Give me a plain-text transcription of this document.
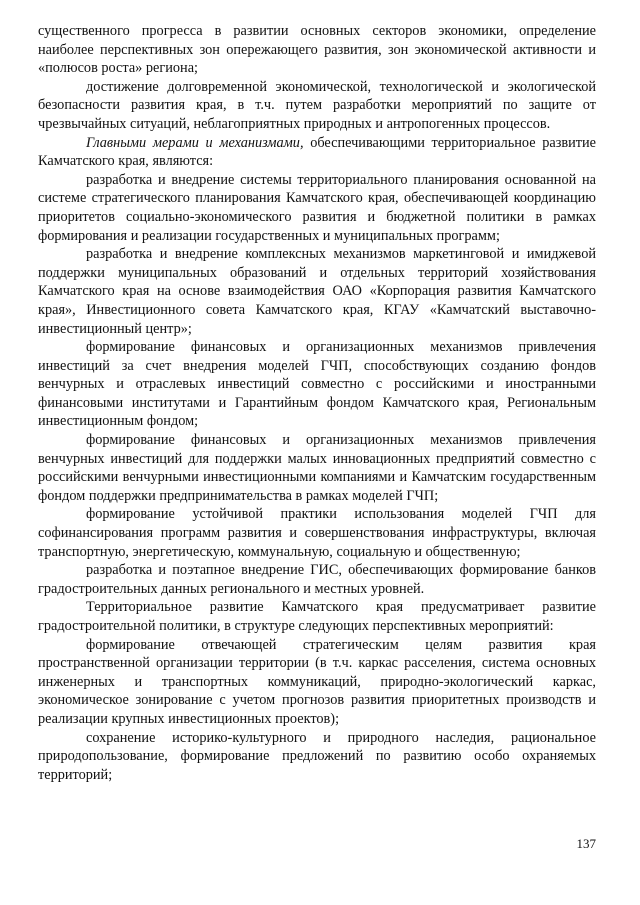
существенного прогресса в развитии основных секторов экономики, определение наиболее перспективных зон опережающего развития, зон экономической активности и «полюсов роста» региона;

достижение долговременной экономической, технологической и экологической безопасности развития края, в т.ч. путем разработки мероприятий по защите от чрезвычайных ситуаций, неблагоприятных природных и антропогенных процессов.

Главными мерами и механизмами, обеспечивающими территориальное развитие Камчатского края, являются:

разработка и внедрение системы территориального планирования основанной на системе стратегического планирования Камчатского края, обеспечивающей координацию приоритетов социально-экономического развития и бюджетной политики в рамках формирования и реализации государственных и муниципальных программ;

разработка и внедрение комплексных механизмов маркетинговой и имиджевой поддержки муниципальных образований и отдельных территорий хозяйствования Камчатского края на основе взаимодействия ОАО «Корпорация развития Камчатского края», Инвестиционного совета Камчатского края, КГАУ «Камчатский выставочно-инвестиционный центр»;

формирование финансовых и организационных механизмов привлечения инвестиций за счет внедрения моделей ГЧП, способствующих созданию фондов венчурных и отраслевых инвестиций совместно с российскими и иностранными финансовыми институтами и Гарантийным фондом Камчатского края, Региональным инвестиционным фондом;

формирование финансовых и организационных механизмов привлечения венчурных инвестиций для поддержки малых инновационных предприятий совместно с российскими венчурными инвестиционными компаниями и Камчатским государственным фондом поддержки предпринимательства в рамках моделей ГЧП;

формирование устойчивой практики использования моделей ГЧП для софинансирования программ развития и совершенствования инфраструктуры, включая транспортную, энергетическую, коммунальную, социальную и общественную;

разработка и поэтапное внедрение ГИС, обеспечивающих формирование банков градостроительных данных регионального и местных уровней.

Территориальное развитие Камчатского края предусматривает развитие градостроительной политики, в структуре следующих перспективных мероприятий:

формирование отвечающей стратегическим целям развития края пространственной организации территории (в т.ч. каркас расселения, система основных инженерных и транспортных коммуникаций, природно-экологический каркас, экономическое зонирование с учетом прогнозов развития приоритетных производств и реализации крупных инвестиционных проектов);

сохранение историко-культурного и природного наследия, рациональное природопользование, формирование предложений по развитию особо охраняемых территорий;

137
